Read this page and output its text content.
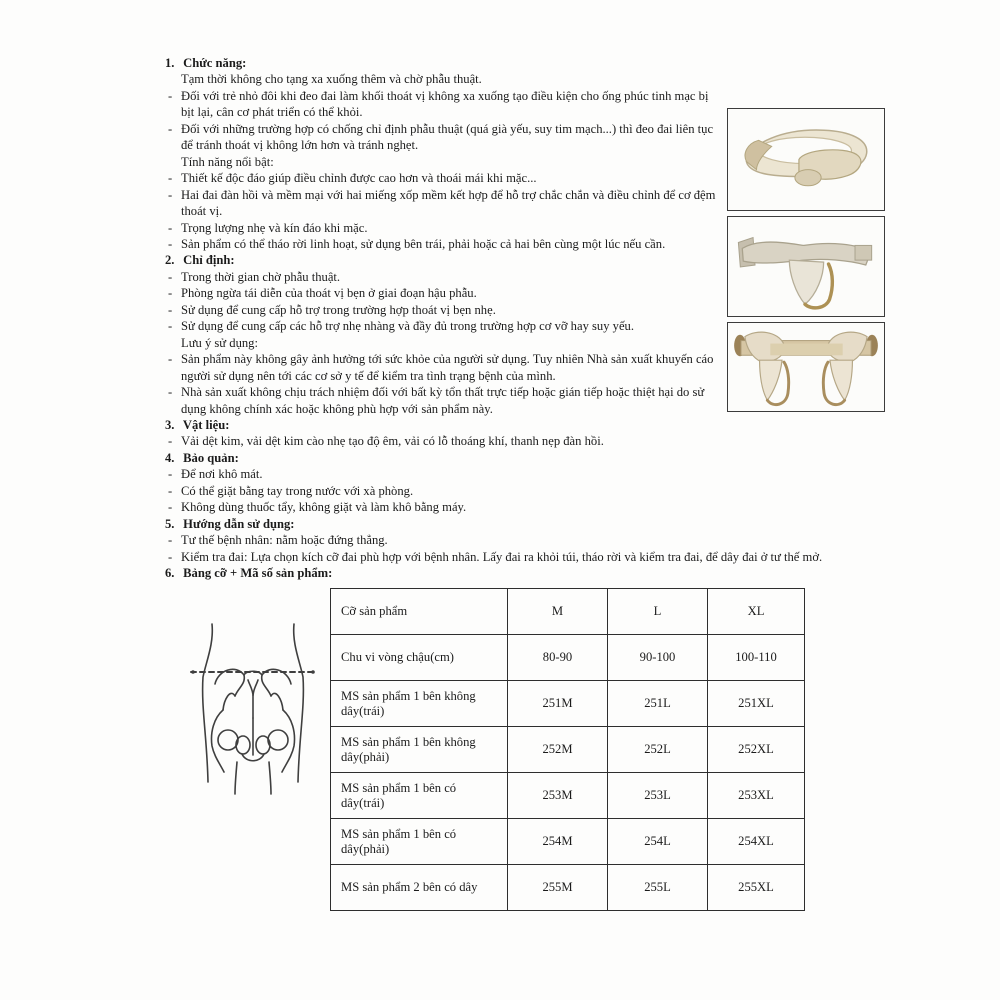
1. Chức năng:
Tạm thời không cho tạng xa xuống thêm và chờ phẫu thuật.
- Đối với trẻ nhỏ đôi khi đeo đai làm khối thoát vị không xa xuống tạo điều kiện cho ống phúc tinh mạc bị bịt lại, cân cơ phát triển có thể khỏi.
- Đối với những trường hợp có chống chỉ định phẫu thuật (quá già yếu, suy tim mạch...) thì đeo đai liên tục để tránh thoát vị không lớn hơn và tránh nghẹt.
Tính năng nổi bật:
- Thiết kế độc đáo giúp điều chỉnh được cao hơn và thoái mái khi mặc...
- Hai đai đàn hồi và mềm mại với hai miếng xốp mềm kết hợp để hỗ trợ chắc chắn và điều chỉnh để cơ đệm thoát vị.
- Trọng lượng nhẹ và kín đáo khi mặc.
- Sản phẩm có thể tháo rời linh hoạt, sử dụng bên trái, phải hoặc cả hai bên cùng một lúc nếu cần.
2. Chỉ định:
- Trong thời gian chờ phẫu thuật.
- Phòng ngừa tái diễn của thoát vị bẹn ở giai đoạn hậu phẫu.
- Sử dụng để cung cấp hỗ trợ trong trường hợp thoát vị bẹn nhẹ.
- Sử dụng để cung cấp các hỗ trợ nhẹ nhàng và đầy đủ trong trường hợp cơ vỡ hay suy yếu.
Lưu ý sử dụng:
- Sản phẩm này không gây ảnh hưởng tới sức khỏe của người sử dụng. Tuy nhiên Nhà sản xuất khuyến cáo người sử dụng nên tới các cơ sở y tế để kiểm tra tình trạng bệnh của mình.
- Nhà sản xuất không chịu trách nhiệm đối với bất kỳ tổn thất trực tiếp hoặc gián tiếp hoặc thiệt hại do sử dụng không chính xác hoặc không phù hợp với sản phẩm này.
3. Vật liệu:
- Vải dệt kim, vải dệt kim cào nhẹ tạo độ êm, vải có lỗ thoáng khí, thanh nẹp đàn hồi.
4. Bảo quản:
- Để nơi khô mát.
- Có thể giặt bằng tay trong nước với xà phòng.
- Không dùng thuốc tẩy, không giặt và làm khô bằng máy.
5. Hướng dẫn sử dụng:
- Tư thế bệnh nhân: nằm hoặc đứng thẳng.
- Kiểm tra đai: Lựa chọn kích cỡ đai phù hợp với bệnh nhân. Lấy đai ra khỏi túi, tháo rời và kiểm tra đai, để dây đai ở tư thế mở.
6. Bảng cỡ + Mã số sản phẩm:
Cỡ sản phẩm	M	L	XL
Chu vi vòng chậu(cm)	80-90	90-100	100-110
MS sản phẩm 1 bên không dây(trái)	251M	251L	251XL
MS sản phẩm 1 bên không dây(phải)	252M	252L	252XL
MS sản phẩm 1 bên có dây(trái)	253M	253L	253XL
MS sản phẩm 1 bên có dây(phải)	254M	254L	254XL
MS sản phẩm 2 bên có dây	255M	255L	255XL
